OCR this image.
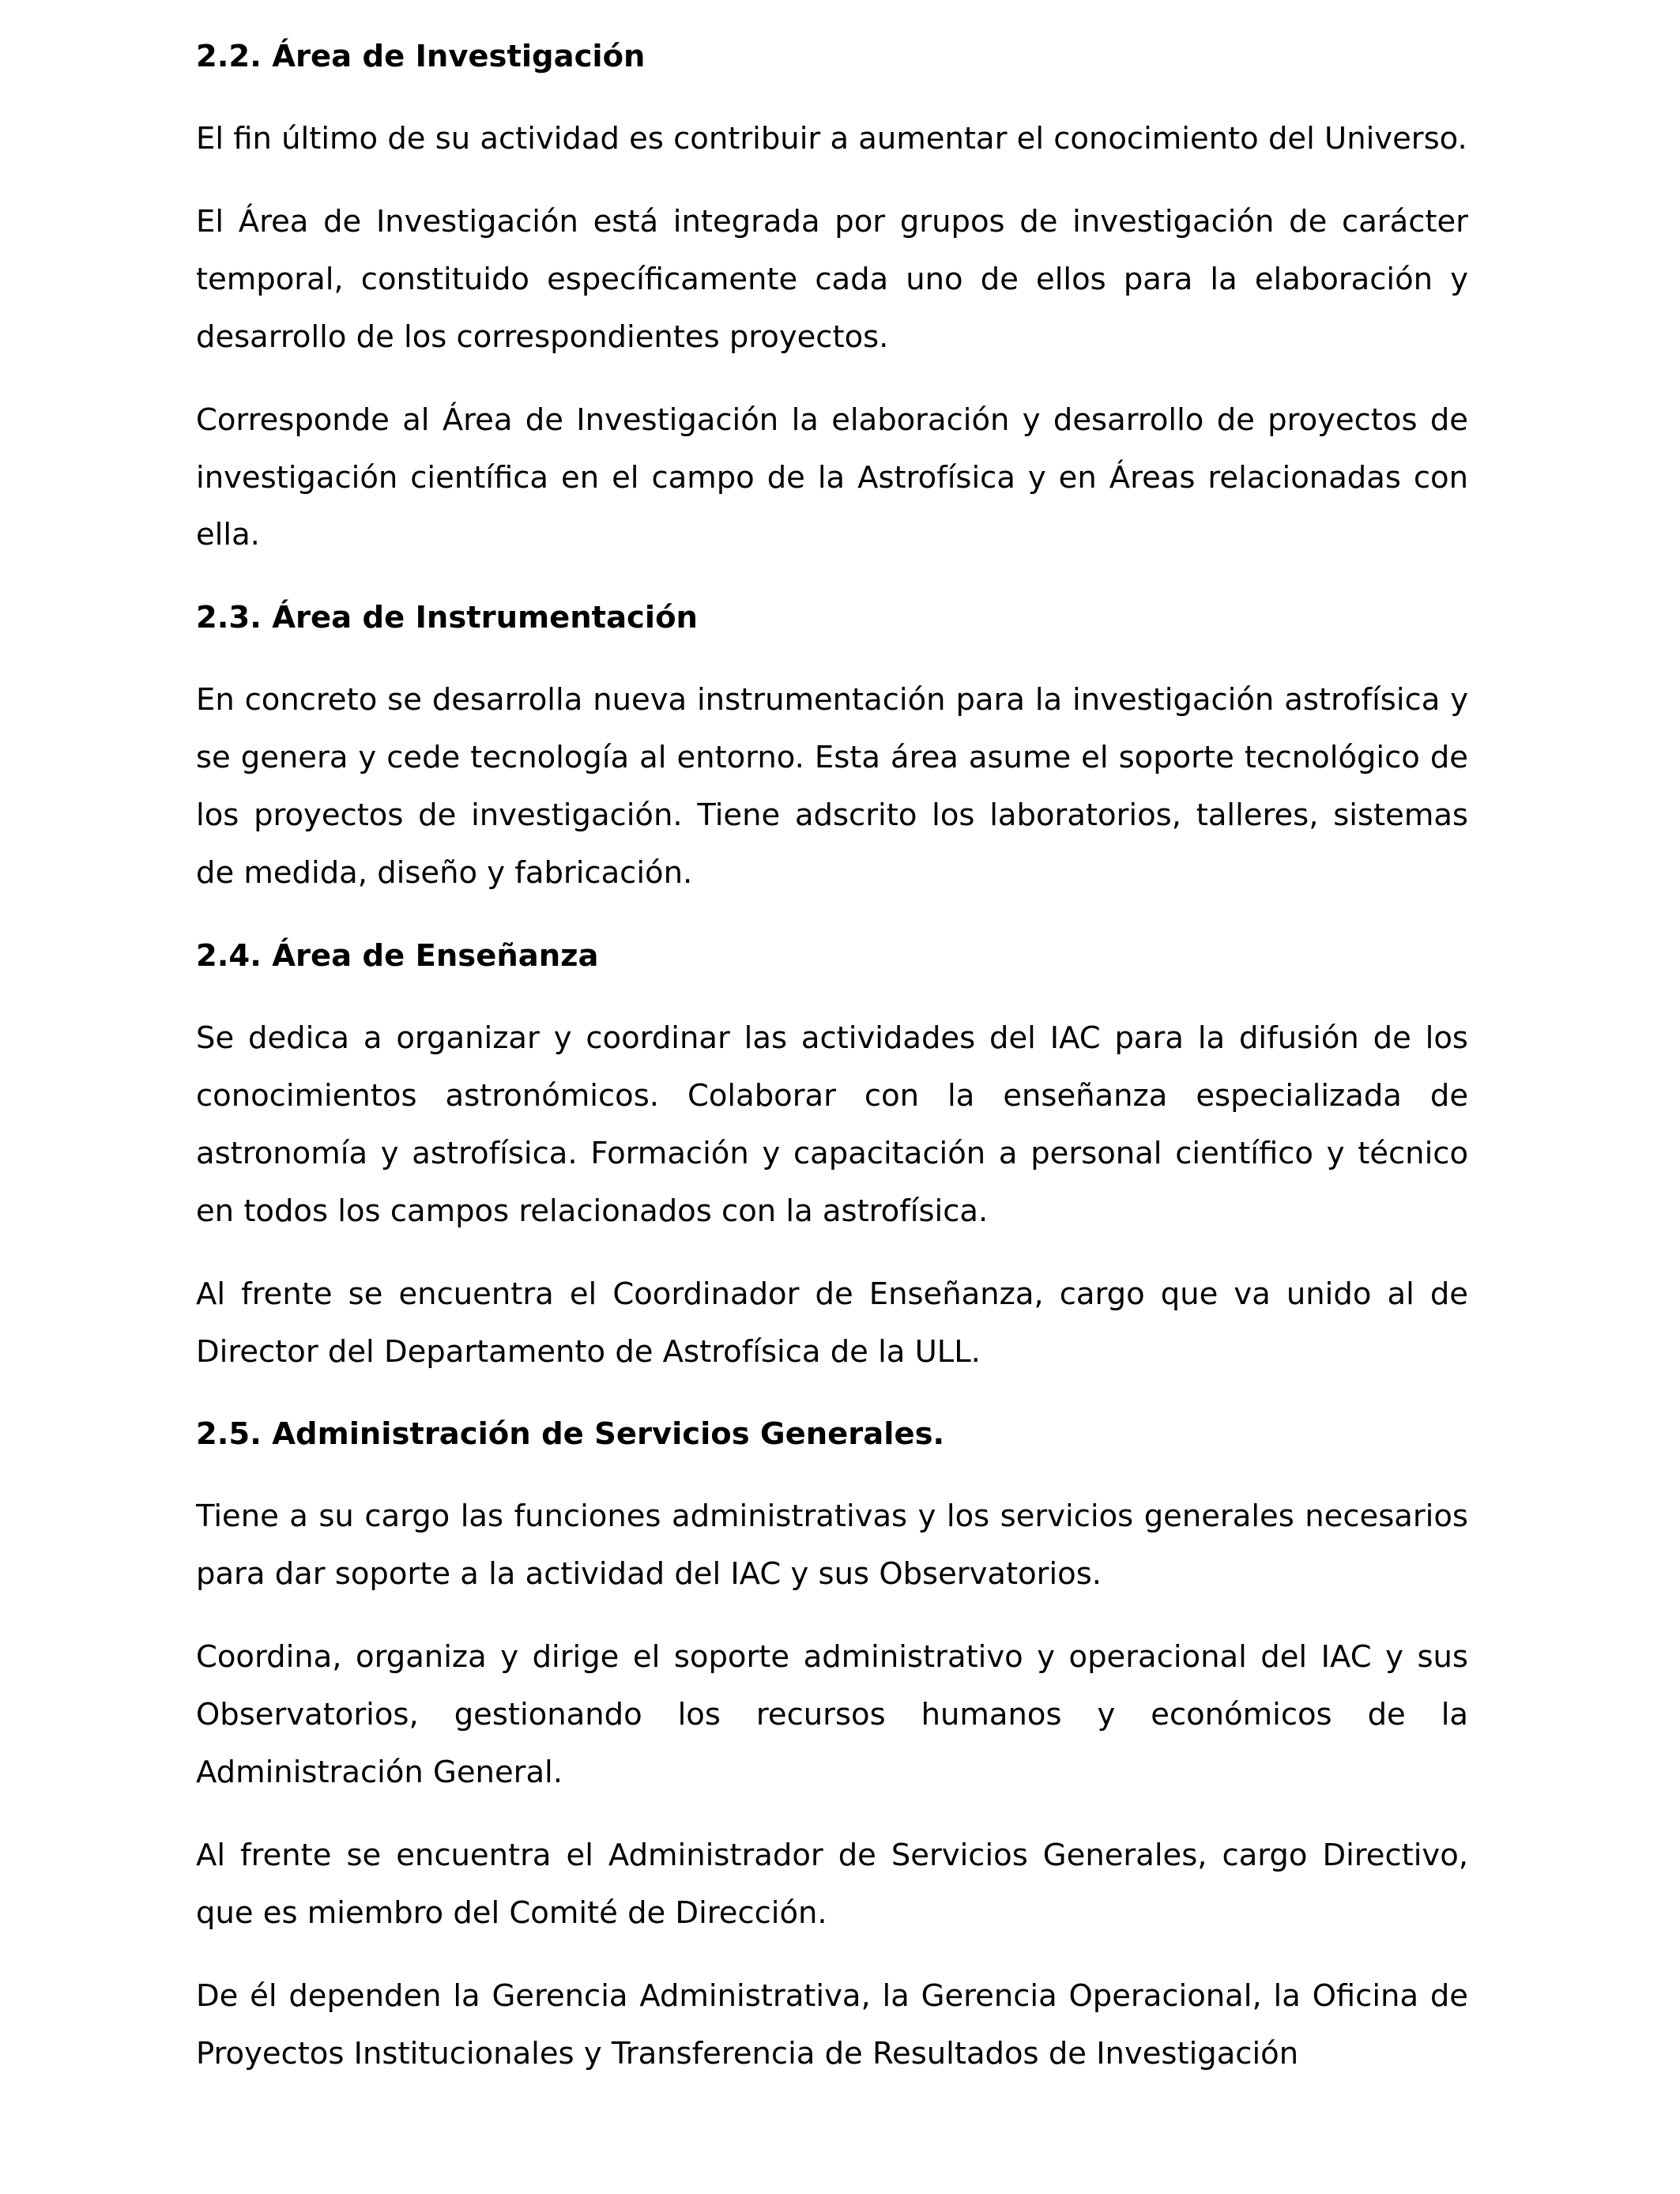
2.2. Área de Investigación

El fin último de su actividad es contribuir a aumentar el conocimiento del Universo.

El Área de Investigación está integrada por grupos de investigación de carácter temporal, constituido específicamente cada uno de ellos para la elaboración y desarrollo de los correspondientes proyectos.

Corresponde al Área de Investigación la elaboración y desarrollo de proyectos de investigación científica en el campo de la Astrofísica y en Áreas relacionadas con ella.

2.3. Área de Instrumentación

En concreto se desarrolla nueva instrumentación para la investigación astrofísica y se genera y cede tecnología al entorno. Esta área asume el soporte tecnológico de los proyectos de investigación. Tiene adscrito los laboratorios, talleres, sistemas de medida, diseño y fabricación.

2.4. Área de Enseñanza

Se dedica a organizar y coordinar las actividades del IAC para la difusión de los conocimientos astronómicos. Colaborar con la enseñanza especializada de astronomía y astrofísica. Formación y capacitación a personal científico y técnico en todos los campos relacionados con la astrofísica.

Al frente se encuentra el Coordinador de Enseñanza, cargo que va unido al de Director del Departamento de Astrofísica de la ULL.

2.5. Administración de Servicios Generales.

Tiene a su cargo las funciones administrativas y los servicios generales necesarios para dar soporte a la actividad del IAC y sus Observatorios.

Coordina, organiza y dirige el soporte administrativo y operacional del IAC y sus Observatorios, gestionando los recursos humanos y económicos de la Administración General.

Al frente se encuentra el Administrador de Servicios Generales, cargo Directivo, que es miembro del Comité de Dirección.

De él dependen la Gerencia Administrativa, la Gerencia Operacional, la Oficina de Proyectos Institucionales y Transferencia de Resultados de Investigación
